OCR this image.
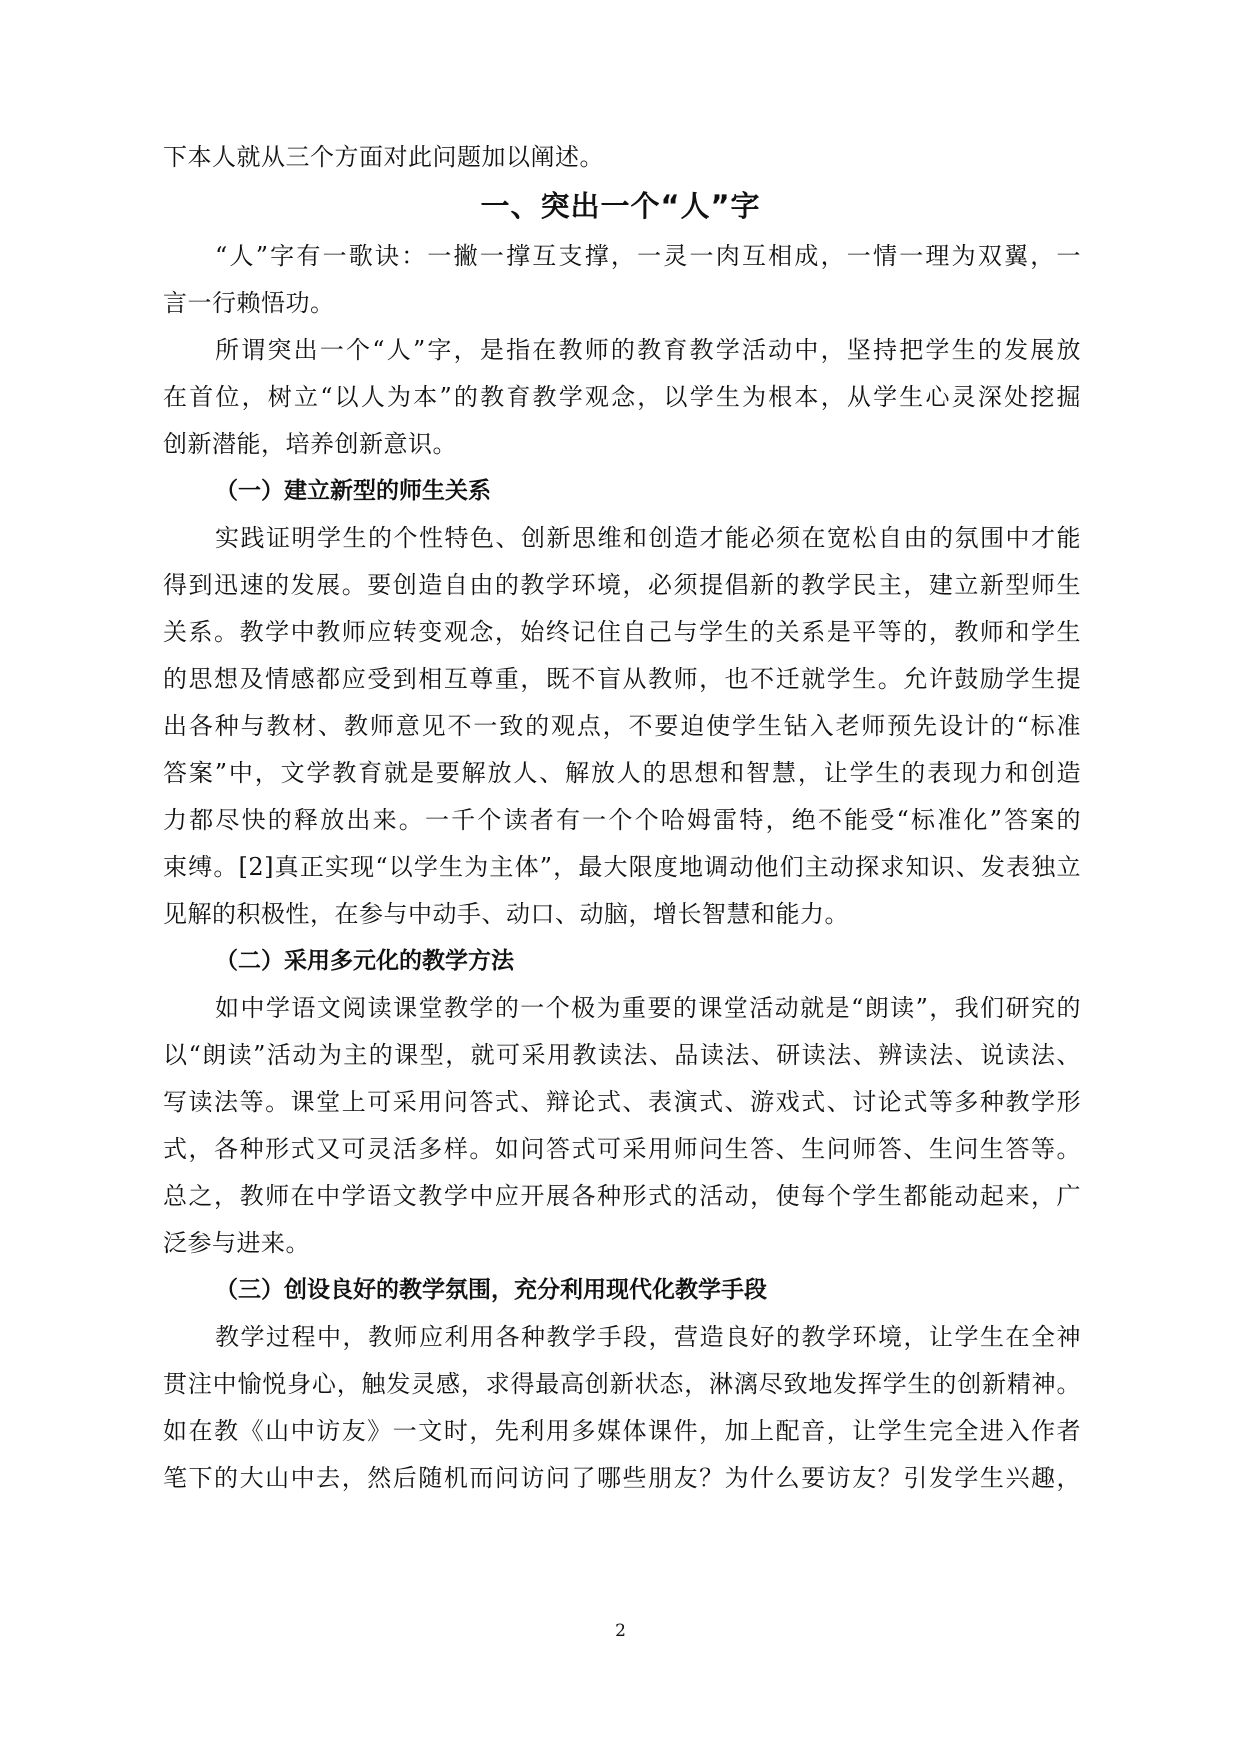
下本人就从三个方面对此问题加以阐述。
一、突出一个“人”字
“人”字有一歌诀：一撇一撑互支撑，一灵一肉互相成，一情一理为双翼，一
言一行赖悟功。
所谓突出一个“人”字，是指在教师的教育教学活动中，坚持把学生的发展放
在首位，树立“以人为本”的教育教学观念，以学生为根本，从学生心灵深处挖掘
创新潜能，培养创新意识。
（一）建立新型的师生关系
实践证明学生的个性特色、创新思维和创造才能必须在宽松自由的氛围中才能
得到迅速的发展。要创造自由的教学环境，必须提倡新的教学民主，建立新型师生
关系。教学中教师应转变观念，始终记住自己与学生的关系是平等的，教师和学生
的思想及情感都应受到相互尊重，既不盲从教师，也不迁就学生。允许鼓励学生提
出各种与教材、教师意见不一致的观点，不要迫使学生钻入老师预先设计的“标准
答案”中，文学教育就是要解放人、解放人的思想和智慧，让学生的表现力和创造
力都尽快的释放出来。一千个读者有一个个哈姆雷特，绝不能受“标准化”答案的
束缚。[2]真正实现“以学生为主体”，最大限度地调动他们主动探求知识、发表独立
见解的积极性，在参与中动手、动口、动脑，增长智慧和能力。
（二）采用多元化的教学方法
如中学语文阅读课堂教学的一个极为重要的课堂活动就是“朗读”，我们研究的
以“朗读”活动为主的课型，就可采用教读法、品读法、研读法、辨读法、说读法、
写读法等。课堂上可采用问答式、辩论式、表演式、游戏式、讨论式等多种教学形
式，各种形式又可灵活多样。如问答式可采用师问生答、生问师答、生问生答等。
总之，教师在中学语文教学中应开展各种形式的活动，使每个学生都能动起来，广
泛参与进来。
（三）创设良好的教学氛围，充分利用现代化教学手段
教学过程中，教师应利用各种教学手段，营造良好的教学环境，让学生在全神
贯注中愉悦身心，触发灵感，求得最高创新状态，淋漓尽致地发挥学生的创新精神。
如在教《山中访友》一文时，先利用多媒体课件，加上配音，让学生完全进入作者
笔下的大山中去，然后随机而问访问了哪些朋友？为什么要访友？引发学生兴趣，
2
